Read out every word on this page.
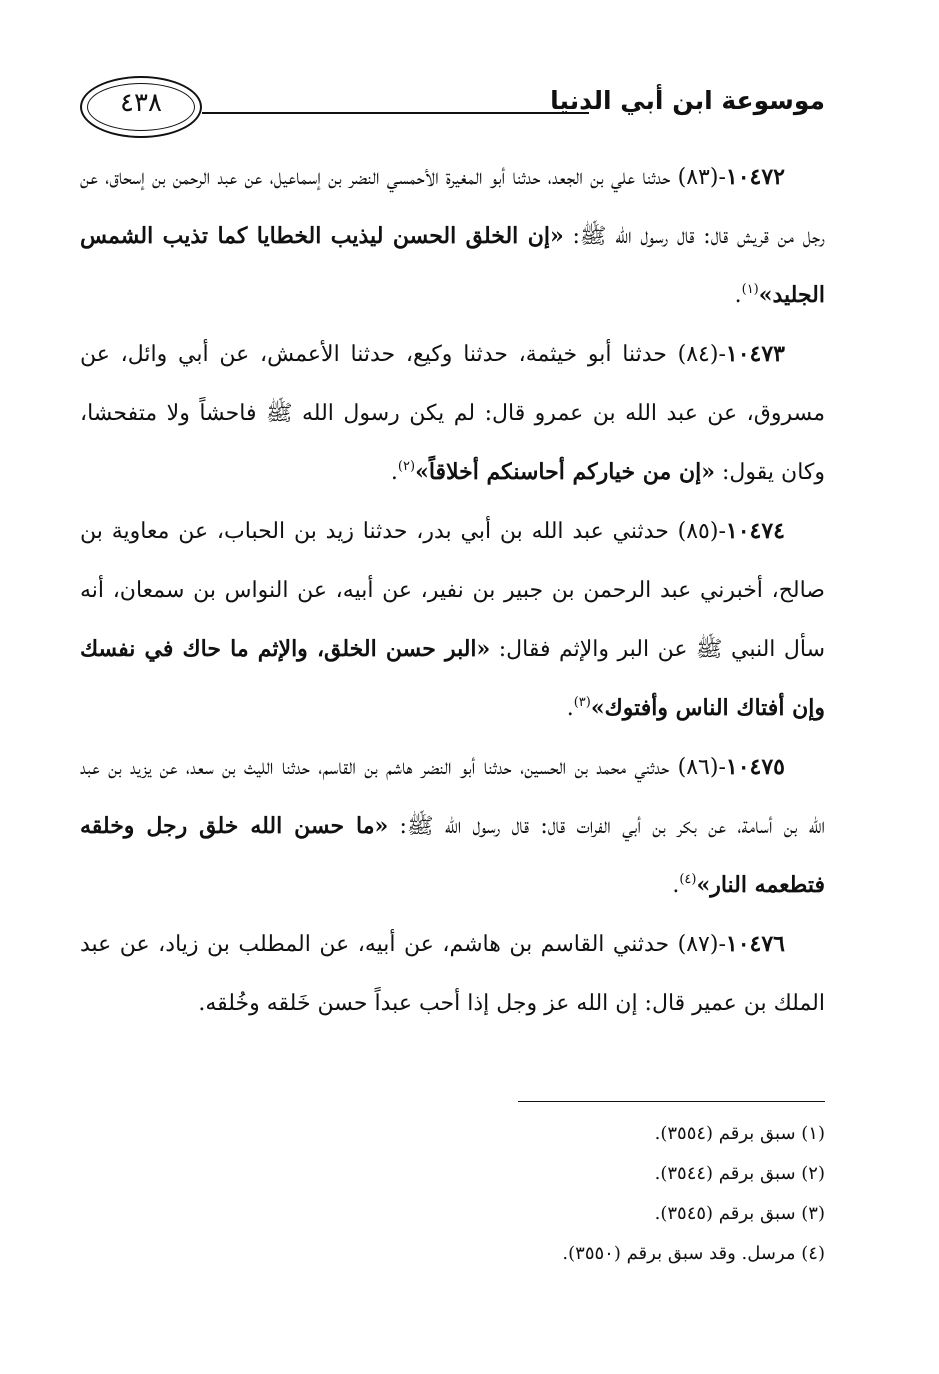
٤٣٨	موسوعة ابن أبي الدنيا

١٠٤٧٢-(٨٣) حدثنا علي بن الجعد، حدثنا أبو المغيرة الأحمسي النضر بن إسماعيل، عن عبد الرحمن بن إسحاق، عن رجل من قريش قال: قال رسول الله ﷺ: «إن الخلق الحسن ليذيب الخطايا كما تذيب الشمس الجليد»$^{(١)}$.

١٠٤٧٣-(٨٤) حدثنا أبو خيثمة، حدثنا وكيع، حدثنا الأعمش، عن أبي وائل، عن مسروق، عن عبد الله بن عمرو قال: لم يكن رسول الله ﷺ فاحشاً ولا متفحشا، وكان يقول: «إن من خياركم أحاسنكم أخلاقاً»$^{(٢)}$.

١٠٤٧٤-(٨٥) حدثني عبد الله بن أبي بدر، حدثنا زيد بن الحباب، عن معاوية بن صالح، أخبرني عبد الرحمن بن جبير بن نفير، عن أبيه، عن النواس بن سمعان، أنه سأل النبي ﷺ عن البر والإثم فقال: «البر حسن الخلق، والإثم ما حاك في نفسك وإن أفتاك الناس وأفتوك»$^{(٣)}$.

١٠٤٧٥-(٨٦) حدثني محمد بن الحسين، حدثنا أبو النضر هاشم بن القاسم، حدثنا الليث بن سعد، عن يزيد بن عبد الله بن أسامة، عن بكر بن أبي الفرات قال: قال رسول الله ﷺ: «ما حسن الله خلق رجل وخلقه فتطعمه النار»$^{(٤)}$.

١٠٤٧٦-(٨٧) حدثني القاسم بن هاشم، عن أبيه، عن المطلب بن زياد، عن عبد الملك بن عمير قال: إن الله عز وجل إذا أحب عبداً حسن خَلقه وخُلقه.

(١) سبق برقم (٣٥٥٤).

(٢) سبق برقم (٣٥٤٤).

(٣) سبق برقم (٣٥٤٥).

(٤) مرسل. وقد سبق برقم (٣٥٥٠).
